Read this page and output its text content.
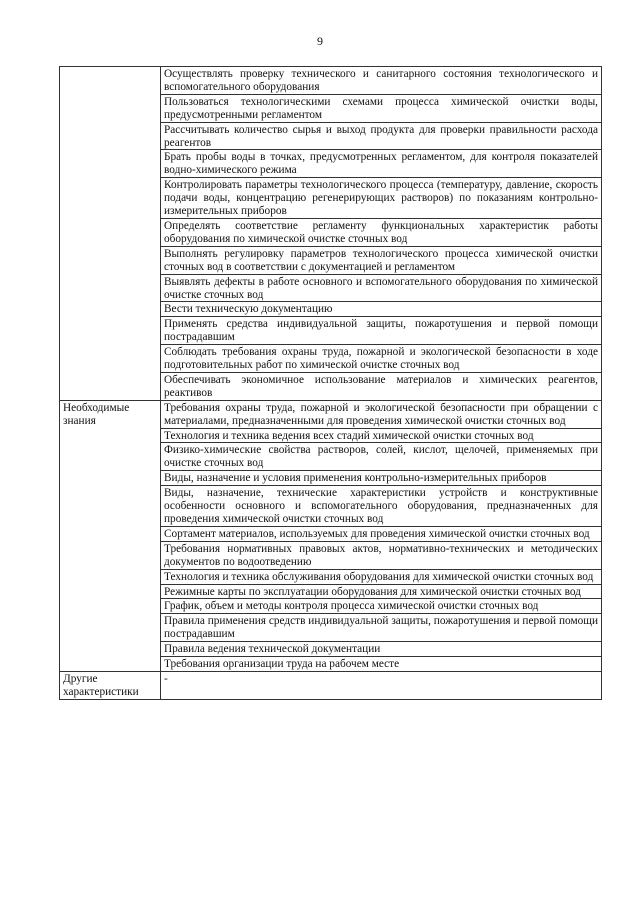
9
	Осуществлять проверку технического и санитарного состояния технологического и вспомогательного оборудования
	Пользоваться технологическими схемами процесса химической очистки воды, предусмотренными регламентом
	Рассчитывать количество сырья и выход продукта для проверки правильности расхода реагентов
	Брать пробы воды в точках, предусмотренных регламентом, для контроля показателей водно-химического режима
	Контролировать параметры технологического процесса (температуру, давление, скорость подачи воды, концентрацию регенерирующих растворов) по показаниям контрольно-измерительных приборов
	Определять соответствие регламенту функциональных характеристик работы оборудования по химической очистке сточных вод
	Выполнять регулировку параметров технологического процесса химической очистки сточных вод в соответствии с документацией и регламентом
	Выявлять дефекты в работе основного и вспомогательного оборудования по химической очистке сточных вод
	Вести техническую документацию
	Применять средства индивидуальной защиты, пожаротушения и первой помощи пострадавшим
	Соблюдать требования охраны труда, пожарной и экологической безопасности в ходе подготовительных работ по химической очистке сточных вод
	Обеспечивать экономичное использование материалов и химических реагентов, реактивов
Необходимые знания	Требования охраны труда, пожарной и экологической безопасности при обращении с материалами, предназначенными для проведения химической очистки сточных вод
	Технология и техника ведения всех стадий химической очистки сточных вод
	Физико-химические свойства растворов, солей, кислот, щелочей, применяемых при очистке сточных вод
	Виды, назначение и условия применения контрольно-измерительных приборов
	Виды, назначение, технические характеристики устройств и конструктивные особенности основного и вспомогательного оборудования, предназначенных для проведения химической очистки сточных вод
	Сортамент материалов, используемых для проведения химической очистки сточных вод
	Требования нормативных правовых актов, нормативно-технических и методических документов по водоотведению
	Технология и техника обслуживания оборудования для химической очистки сточных вод
	Режимные карты по эксплуатации оборудования для химической очистки сточных вод
	График, объем и методы контроля процесса химической очистки сточных вод
	Правила применения средств индивидуальной защиты, пожаротушения и первой помощи пострадавшим
	Правила ведения технической документации
	Требования организации труда на рабочем месте
Другие характеристики	-
